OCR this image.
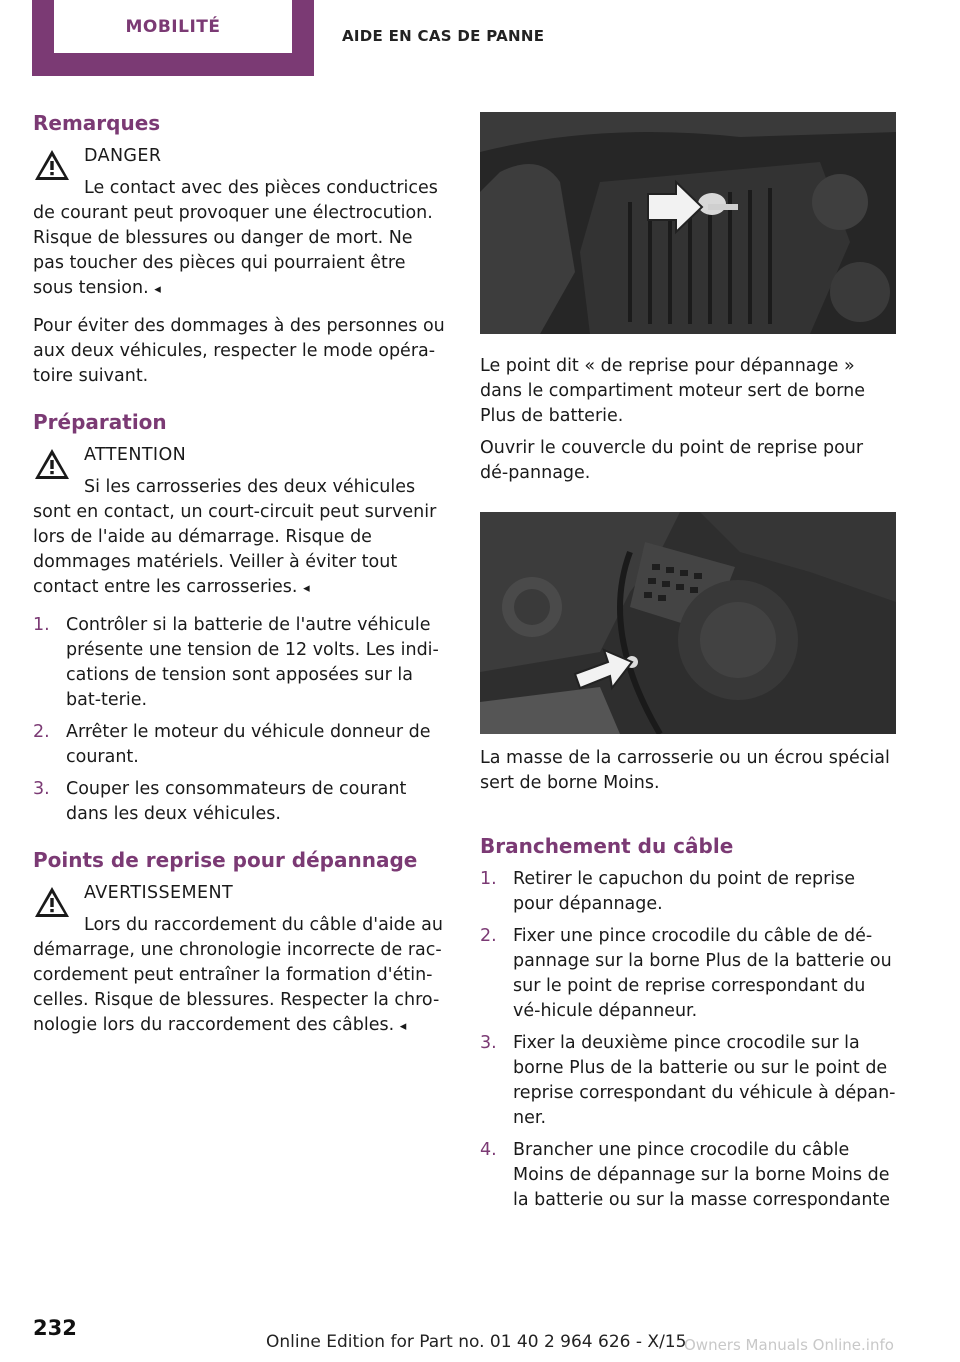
MOBILITÉ	AIDE EN CAS DE PANNE
Remarques
DANGER
Le contact avec des pièces conductrices de courant peut provoquer une électrocution. Risque de blessures ou danger de mort. Ne pas toucher des pièces qui pourraient être sous tension. ◂

Pour éviter des dommages à des personnes ou aux deux véhicules, respecter le mode opéra-toire suivant.

Préparation
ATTENTION
Si les carrosseries des deux véhicules sont en contact, un court-circuit peut survenir lors de l'aide au démarrage. Risque de dommages matériels. Veiller à éviter tout contact entre les carrosseries. ◂
1. Contrôler si la batterie de l'autre véhicule présente une tension de 12 volts. Les indi-cations de tension sont apposées sur la bat-terie.
2. Arrêter le moteur du véhicule donneur de courant.
3. Couper les consommateurs de courant dans les deux véhicules.
Points de reprise pour dépannage
AVERTISSEMENT
Lors du raccordement du câble d'aide au démarrage, une chronologie incorrecte de rac-cordement peut entraîner la formation d'étin-celles. Risque de blessures. Respecter la chro-nologie lors du raccordement des câbles. ◂

Le point dit « de reprise pour dépannage » dans le compartiment moteur sert de borne Plus de batterie.

Ouvrir le couvercle du point de reprise pour dé-pannage.

La masse de la carrosserie ou un écrou spécial sert de borne Moins.

Branchement du câble
1. Retirer le capuchon du point de reprise pour dépannage.
2. Fixer une pince crocodile du câble de dé-pannage sur la borne Plus de la batterie ou sur le point de reprise correspondant du vé-hicule dépanneur.
3. Fixer la deuxième pince crocodile sur la borne Plus de la batterie ou sur le point de reprise correspondant du véhicule à dépan-ner.
4. Brancher une pince crocodile du câble Moins de dépannage sur la borne Moins de la batterie ou sur la masse correspondante
232
Online Edition for Part no. 01 40 2 964 626 - X/15
Owners Manuals Online.info
